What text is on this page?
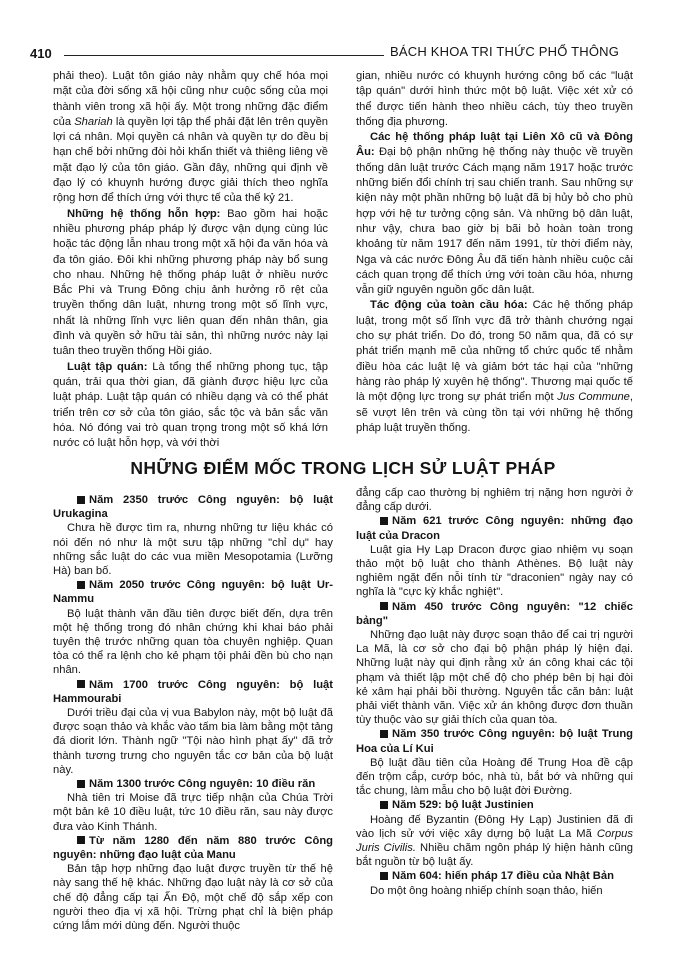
410	BÁCH KHOA TRI THỨC PHỔ THÔNG

phải theo). Luật tôn giáo này nhằm quy chế hóa mọi mặt của đời sống xã hội cũng như cuộc sống của mọi thành viên trong xã hội ấy. Một trong những đặc điểm của Shariah là quyền lợi tập thể phải đặt lên trên quyền lợi cá nhân. Mọi quyền cá nhân và quyền tự do đều bị hạn chế bởi những đòi hỏi khẩn thiết và thiêng liêng về mặt đạo lý của tôn giáo. Gần đây, những qui định về đạo lý có khuynh hướng được giải thích theo nghĩa rộng hơn để thích ứng với thực tế của thế kỷ 21.

Những hệ thống hỗn hợp: Bao gồm hai hoặc nhiều phương pháp pháp lý được vận dụng cùng lúc hoặc tác động lẫn nhau trong một xã hội đa văn hóa và đa tôn giáo. Đôi khi những phương pháp này bổ sung cho nhau. Những hệ thống pháp luật ở nhiều nước Bắc Phi và Trung Đông chịu ảnh hưởng rõ rệt của truyền thống dân luật, nhưng trong một số lĩnh vực, nhất là những lĩnh vực liên quan đến nhân thân, gia đình và quyền sở hữu tài sản, thì những nước này lại tuân theo truyền thống Hồi giáo.

Luật tập quán: Là tổng thể những phong tục, tập quán, trải qua thời gian, đã giành được hiệu lực của luật pháp. Luật tập quán có nhiều dạng và có thể phát triển trên cơ sở của tôn giáo, sắc tộc và bản sắc văn hóa. Nó đóng vai trò quan trọng trong một số khá lớn nước có luật hỗn hợp, và với thời

gian, nhiều nước có khuynh hướng công bố các "luật tập quán" dưới hình thức một bộ luật. Việc xét xử có thể được tiến hành theo nhiều cách, tùy theo truyền thống địa phương.

Các hệ thống pháp luật tại Liên Xô cũ và Đông Âu: Đại bộ phận những hệ thống này thuộc về truyền thống dân luật trước Cách mạng năm 1917 hoặc trước những biến đổi chính trị sau chiến tranh. Sau những sự kiện này một phần những bộ luật đã bị hủy bỏ cho phù hợp với hệ tư tưởng cộng sản. Và những bộ dân luật, như vậy, chưa bao giờ bị bãi bỏ hoàn toàn trong khoảng từ năm 1917 đến năm 1991, từ thời điểm này, Nga và các nước Đông Âu đã tiến hành nhiều cuộc cải cách quan trọng để thích ứng với toàn cầu hóa, nhưng vẫn giữ nguyên nguồn gốc dân luật.

Tác động của toàn cầu hóa: Các hệ thống pháp luật, trong một số lĩnh vực đã trở thành chướng ngại cho sự phát triển. Do đó, trong 50 năm qua, đã có sự phát triển mạnh mẽ của những tổ chức quốc tế nhằm điều hòa các luật lệ và giảm bớt tác hại của "những hàng rào pháp lý xuyên hệ thống". Thương mại quốc tế là một động lực trong sự phát triển một Jus Commune, sẽ vượt lên trên và cùng tồn tại với những hệ thống pháp luật truyền thống.

NHỮNG ĐIỂM MỐC TRONG LỊCH SỬ LUẬT PHÁP

Năm 2350 trước Công nguyên: bộ luật Urukagina

Chưa hề được tìm ra, nhưng những tư liệu khác có nói đến nó như là một sưu tập những "chỉ dụ" hay những sắc luật do các vua miền Mesopotamia (Lưỡng Hà) ban bố.

Năm 2050 trước Công nguyên: bộ luật Ur-Nammu

Bộ luật thành văn đầu tiên được biết đến, dựa trên một hệ thống trong đó nhân chứng khi khai báo phải tuyên thệ trước những quan tòa chuyên nghiệp. Quan tòa có thể ra lệnh cho kẻ phạm tội phải đền bù cho nạn nhân.

Năm 1700 trước Công nguyên: bộ luật Hammourabi

Dưới triều đại của vị vua Babylon này, một bộ luật đã được soạn thảo và khắc vào tấm bia làm bằng một tảng đá diorit lớn. Thành ngữ "Tội nào hình phạt ấy" đã trở thành tương trưng cho nguyên tắc cơ bản của bộ luật này.

Năm 1300 trước Công nguyên: 10 điều răn

Nhà tiên tri Moise đã trực tiếp nhận của Chúa Trời một bản kê 10 điều luật, tức 10 điều răn, sau này được đưa vào Kinh Thánh.

Từ năm 1280 đến năm 880 trước Công nguyên: những đạo luật của Manu

Bản tập hợp những đạo luật được truyền từ thế hệ này sang thế hệ khác. Những đạo luật này là cơ sở của chế độ đẳng cấp tại Ấn Độ, một chế độ sắp xếp con người theo địa vị xã hội. Trừng phạt chỉ là biện pháp cứng lắm mới dùng đến. Người thuộc

đẳng cấp cao thường bị nghiêm trị nặng hơn người ở đẳng cấp dưới.

Năm 621 trước Công nguyên: những đạo luật của Dracon

Luật gia Hy Lạp Dracon được giao nhiệm vụ soạn thảo một bộ luật cho thành Athènes. Bộ luật này nghiêm ngặt đến nỗi tính từ "draconien" ngày nay có nghĩa là "cực kỳ khắc nghiệt".

Năm 450 trước Công nguyên: "12 chiếc bảng"

Những đạo luật này được soạn thảo để cai trị người La Mã, là cơ sở cho đại bộ phận pháp lý hiện đại. Những luật này qui định rằng xử án công khai các tội phạm và thiết lập một chế độ cho phép bên bị hại đòi kẻ xâm hại phải bồi thường. Nguyên tắc căn bản: luật phải viết thành văn. Việc xử án không được đơn thuần tùy thuộc vào sự giải thích của quan tòa.

Năm 350 trước Công nguyên: bộ luật Trung Hoa của Lí Kui

Bộ luật đầu tiên của Hoàng đế Trung Hoa đề cập đến trộm cắp, cướp bóc, nhà tù, bắt bớ và những qui tắc chung, làm mẫu cho bộ luật đời Đường.

Năm 529: bộ luật Justinien

Hoàng đế Byzantin (Đông Hy Lạp) Justinien đã đi vào lịch sử với việc xây dựng bộ luật La Mã Corpus Juris Civilis. Nhiều chăm ngôn pháp lý hiện hành cũng bắt nguồn từ bộ luật ấy.

Năm 604: hiến pháp 17 điều của Nhật Bản

Do một ông hoàng nhiếp chính soạn thảo, hiến
